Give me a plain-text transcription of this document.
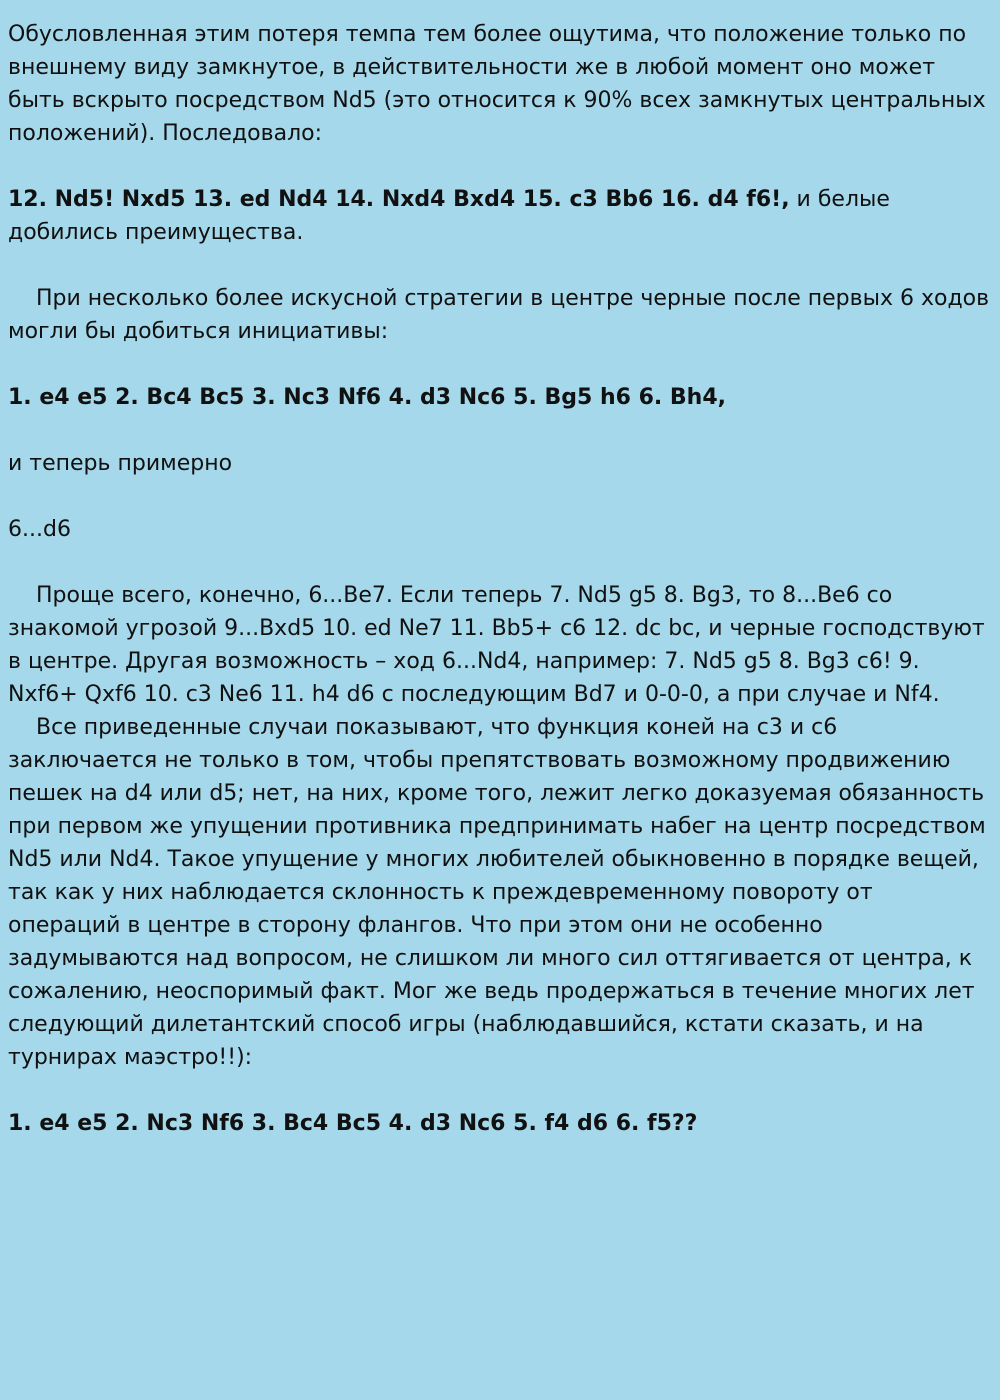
Обусловленная этим потеря темпа тем более ощутима, что положение только по внешнему виду замкнутое, в действительности же в любой момент оно может быть вскрыто посредством Nd5 (это относится к 90% всех замкнутых центральных положений). Последовало:

12. Nd5! Nxd5 13. ed Nd4 14. Nxd4 Bxd4 15. c3 Bb6 16. d4 f6!, и белые добились преимущества.

При несколько более искусной стратегии в центре черные после первых 6 ходов могли бы добиться инициативы:

1. e4 e5 2. Bc4 Bc5 3. Nc3 Nf6 4. d3 Nc6 5. Bg5 h6 6. Bh4,

и теперь примерно

6...d6

Проще всего, конечно, 6...Be7. Если теперь 7. Nd5 g5 8. Bg3, то 8...Be6 со знакомой угрозой 9...Bxd5 10. ed Ne7 11. Bb5+ c6 12. dc bc, и черные господствуют в центре. Другая возможность – ход 6...Nd4, например: 7. Nd5 g5 8. Bg3 c6! 9. Nxf6+ Qxf6 10. c3 Ne6 11. h4 d6 с последующим Bd7 и 0-0-0, а при случае и Nf4.

Все приведенные случаи показывают, что функция коней на c3 и c6 заключается не только в том, чтобы препятствовать возможному продвижению пешек на d4 или d5; нет, на них, кроме того, лежит легко доказуемая обязанность при первом же упущении противника предпринимать набег на центр посредством Nd5 или Nd4. Такое упущение у многих любителей обыкновенно в порядке вещей, так как у них наблюдается склонность к преждевременному повороту от операций в центре в сторону флангов. Что при этом они не особенно задумываются над вопросом, не слишком ли много сил оттягивается от центра, к сожалению, неоспоримый факт. Мог же ведь продержаться в течение многих лет следующий дилетантский способ игры (наблюдавшийся, кстати сказать, и на турнирах маэстро!!):

1. e4 e5 2. Nc3 Nf6 3. Bc4 Bc5 4. d3 Nc6 5. f4 d6 6. f5??
